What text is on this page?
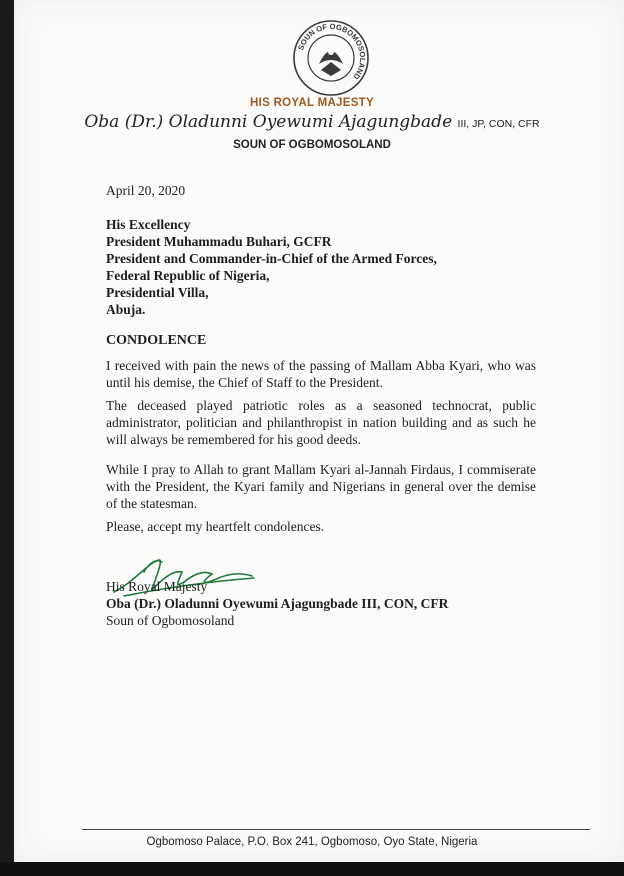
SOUN OF OGBOMOSOLAND
HIS ROYAL MAJESTY
Oba (Dr.) Oladunni Oyewumi Ajagungbade III, JP, CON, CFR
SOUN OF OGBOMOSOLAND
April 20, 2020
His Excellency
President Muhammadu Buhari, GCFR
President and Commander-in-Chief of the Armed Forces,
Federal Republic of Nigeria,
Presidential Villa,
Abuja.
CONDOLENCE
I received with pain the news of the passing of Mallam Abba Kyari, who was until his demise, the Chief of Staff to the President.
The deceased played patriotic roles as a seasoned technocrat, public administrator, politician and philanthropist in nation building and as such he will always be remembered for his good deeds.
While I pray to Allah to grant Mallam Kyari al-Jannah Firdaus, I commiserate with the President, the Kyari family and Nigerians in general over the demise of the statesman.
Please, accept my heartfelt condolences.
His Royal Majesty
Oba (Dr.) Oladunni Oyewumi Ajagungbade III, CON, CFR
Soun of Ogbomosoland
Ogbomoso Palace, P.O. Box 241, Ogbomoso, Oyo State, Nigeria
